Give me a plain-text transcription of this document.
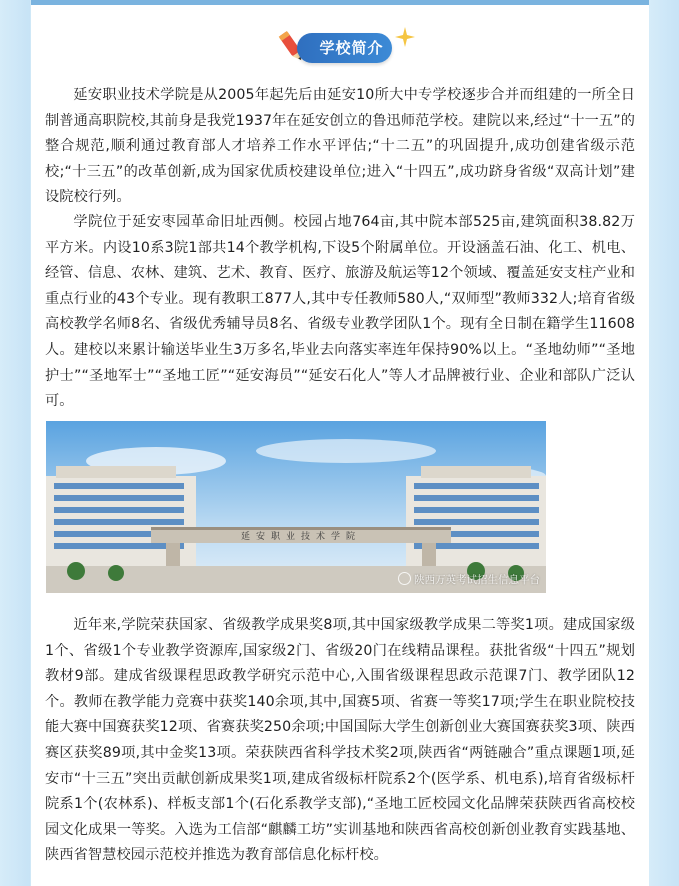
学校简介

延安职业技术学院是从2005年起先后由延安10所大中专学校逐步合并而组建的一所全日制普通高职院校,其前身是我党1937年在延安创立的鲁迅师范学校。建院以来,经过“十一五”的整合规范,顺利通过教育部人才培养工作水平评估;“十二五”的巩固提升,成功创建省级示范校;“十三五”的改革创新,成为国家优质校建设单位;进入“十四五”,成功跻身省级“双高计划”建设院校行列。

学院位于延安枣园革命旧址西侧。校园占地764亩,其中院本部525亩,建筑面积38.82万平方米。内设10系3院1部共14个教学机构,下设5个附属单位。开设涵盖石油、化工、机电、经管、信息、农林、建筑、艺术、教育、医疗、旅游及航运等12个领域、覆盖延安支柱产业和重点行业的43个专业。现有教职工877人,其中专任教师580人,“双师型”教师332人;培育省级高校教学名师8名、省级优秀辅导员8名、省级专业教学团队1个。现有全日制在籍学生11608人。建校以来累计输送毕业生3万多名,毕业去向落实率连年保持90%以上。“圣地幼师”“圣地护士”“圣地军士”“圣地工匠”“延安海员”“延安石化人”等人才品牌被行业、企业和部队广泛认可。

延安职业技术学院
陕西万英考试招生信息平台

近年来,学院荣获国家、省级教学成果奖8项,其中国家级教学成果二等奖1项。建成国家级1个、省级1个专业教学资源库,国家级2门、省级20门在线精品课程。获批省级“十四五”规划教材9部。建成省级课程思政教学研究示范中心,入围省级课程思政示范课7门、教学团队12个。教师在教学能力竞赛中获奖140余项,其中,国赛5项、省赛一等奖17项;学生在职业院校技能大赛中国赛获奖12项、省赛获奖250余项;中国国际大学生创新创业大赛国赛获奖3项、陕西赛区获奖89项,其中金奖13项。荣获陕西省科学技术奖2项,陕西省“两链融合”重点课题1项,延安市“十三五”突出贡献创新成果奖1项,建成省级标杆院系2个(医学系、机电系),培育省级标杆院系1个(农林系)、样板支部1个(石化系教学支部),“圣地工匠校园文化品牌荣获陕西省高校校园文化成果一等奖。入选为工信部“麒麟工坊”实训基地和陕西省高校创新创业教育实践基地、陕西省智慧校园示范校并推选为教育部信息化标杆校。
